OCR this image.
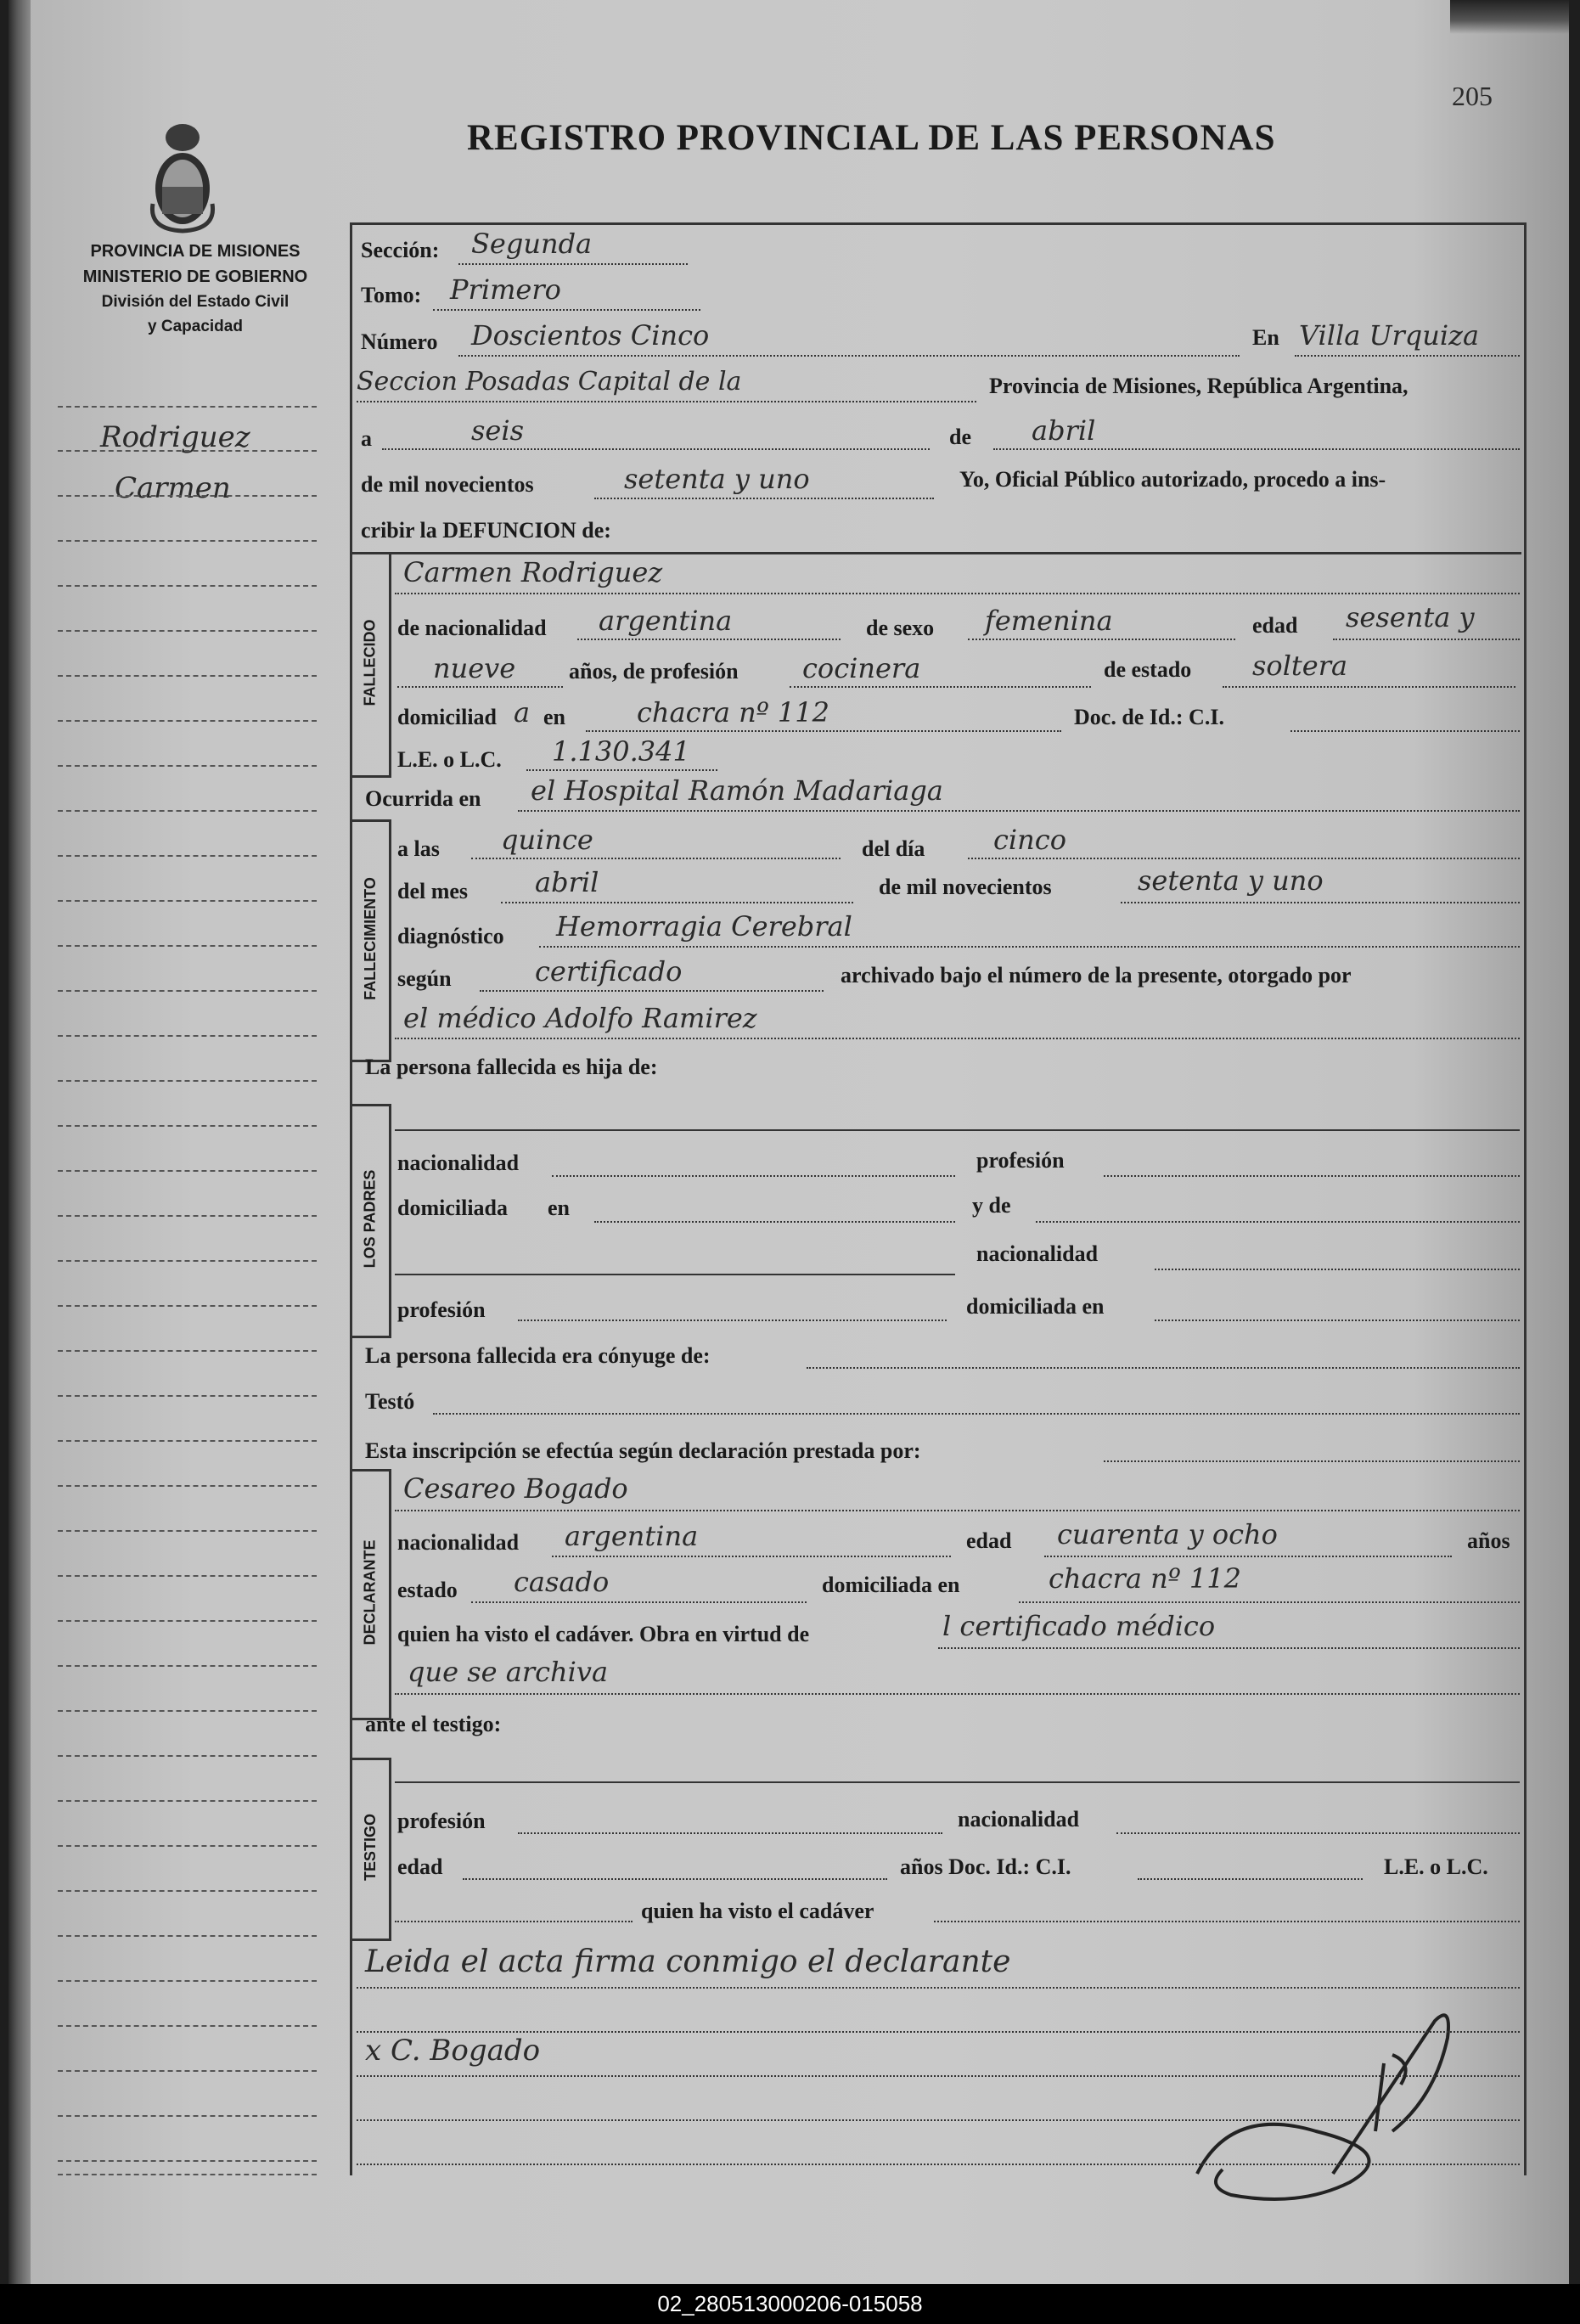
REGISTRO PROVINCIAL DE LAS PERSONAS
205
PROVINCIA DE MISIONES
MINISTERIO DE GOBIERNO
División del Estado Civil
y Capacidad
Rodriguez
Carmen
Sección: Segunda
Tomo: Primero
Número Doscientos Cinco	En Villa Urquiza
Seccion Posadas Capital de la	Provincia de Misiones, República Argentina,
a	seis	de abril
de mil novecientos	setenta y uno	Yo, Oficial Público autorizado, procedo a ins-
cribir la DEFUNCION de:
FALLECIDO
Carmen Rodriguez
de nacionalidad argentina	de sexo femenina	edad sesenta y
nueve años, de profesión cocinera	de estado soltera
domiciliad a en	chacra nº 112	Doc. de Id.: C.I.
L.E. o L.C. 1.130.341
Ocurrida en el Hospital Ramón Madariaga
FALLECIMIENTO
a las quince	del día	cinco
del mes abril	de mil novecientos	setenta y uno
diagnóstico Hemorragia Cerebral
según	certificado	archivado bajo el número de la presente, otorgado por
el médico Adolfo Ramirez
La persona fallecida es hija de:
LOS PADRES
nacionalidad	profesión
domiciliada en	y de
nacionalidad
profesión	domiciliada en
La persona fallecida era cónyuge de:
Testó
Esta inscripción se efectúa según declaración prestada por:
DECLARANTE
Cesareo Bogado
nacionalidad argentina	edad cuarenta y ocho	años
estado casado	domiciliada en	chacra nº 112
quien ha visto el cadáver. Obra en virtud de	l certificado médico
que se archiva
ante el testigo:
TESTIGO profesión	nacionalidad
edad	años Doc. Id.: C.I.	L.E. o L.C.
quien ha visto el cadáver
Leida el acta firma conmigo el declarante
x C. Bogado
02_280513000206-015058
